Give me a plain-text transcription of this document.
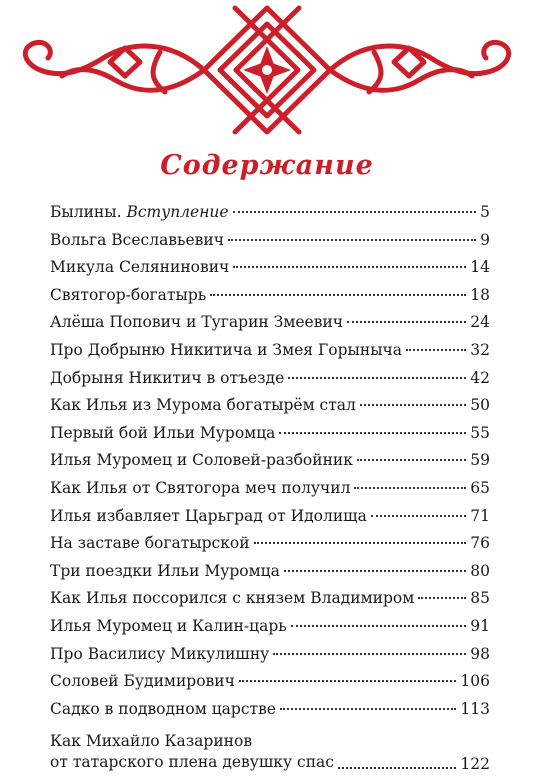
Содержание
Былины. Вступление	5
Вольга Всеславьевич	9
Микула Селянинович	14
Святогор-богатырь	18
Алёша Попович и Тугарин Змеевич	24
Про Добрыню Никитича и Змея Горыныча	32
Добрыня Никитич в отъезде	42
Как Илья из Мурома богатырём стал	50
Первый бой Ильи Муромца	55
Илья Муромец и Соловей-разбойник	59
Как Илья от Святогора меч получил	65
Илья избавляет Царьград от Идолища	71
На заставе богатырской	76
Три поездки Ильи Муромца	80
Как Илья поссорился с князем Владимиром	85
Илья Муромец и Калин-царь	91
Про Василису Микулишну	98
Соловей Будимирович	106
Садко в подводном царстве	113
Как Михайло Казаринов
от татарского плена девушку спас	122
